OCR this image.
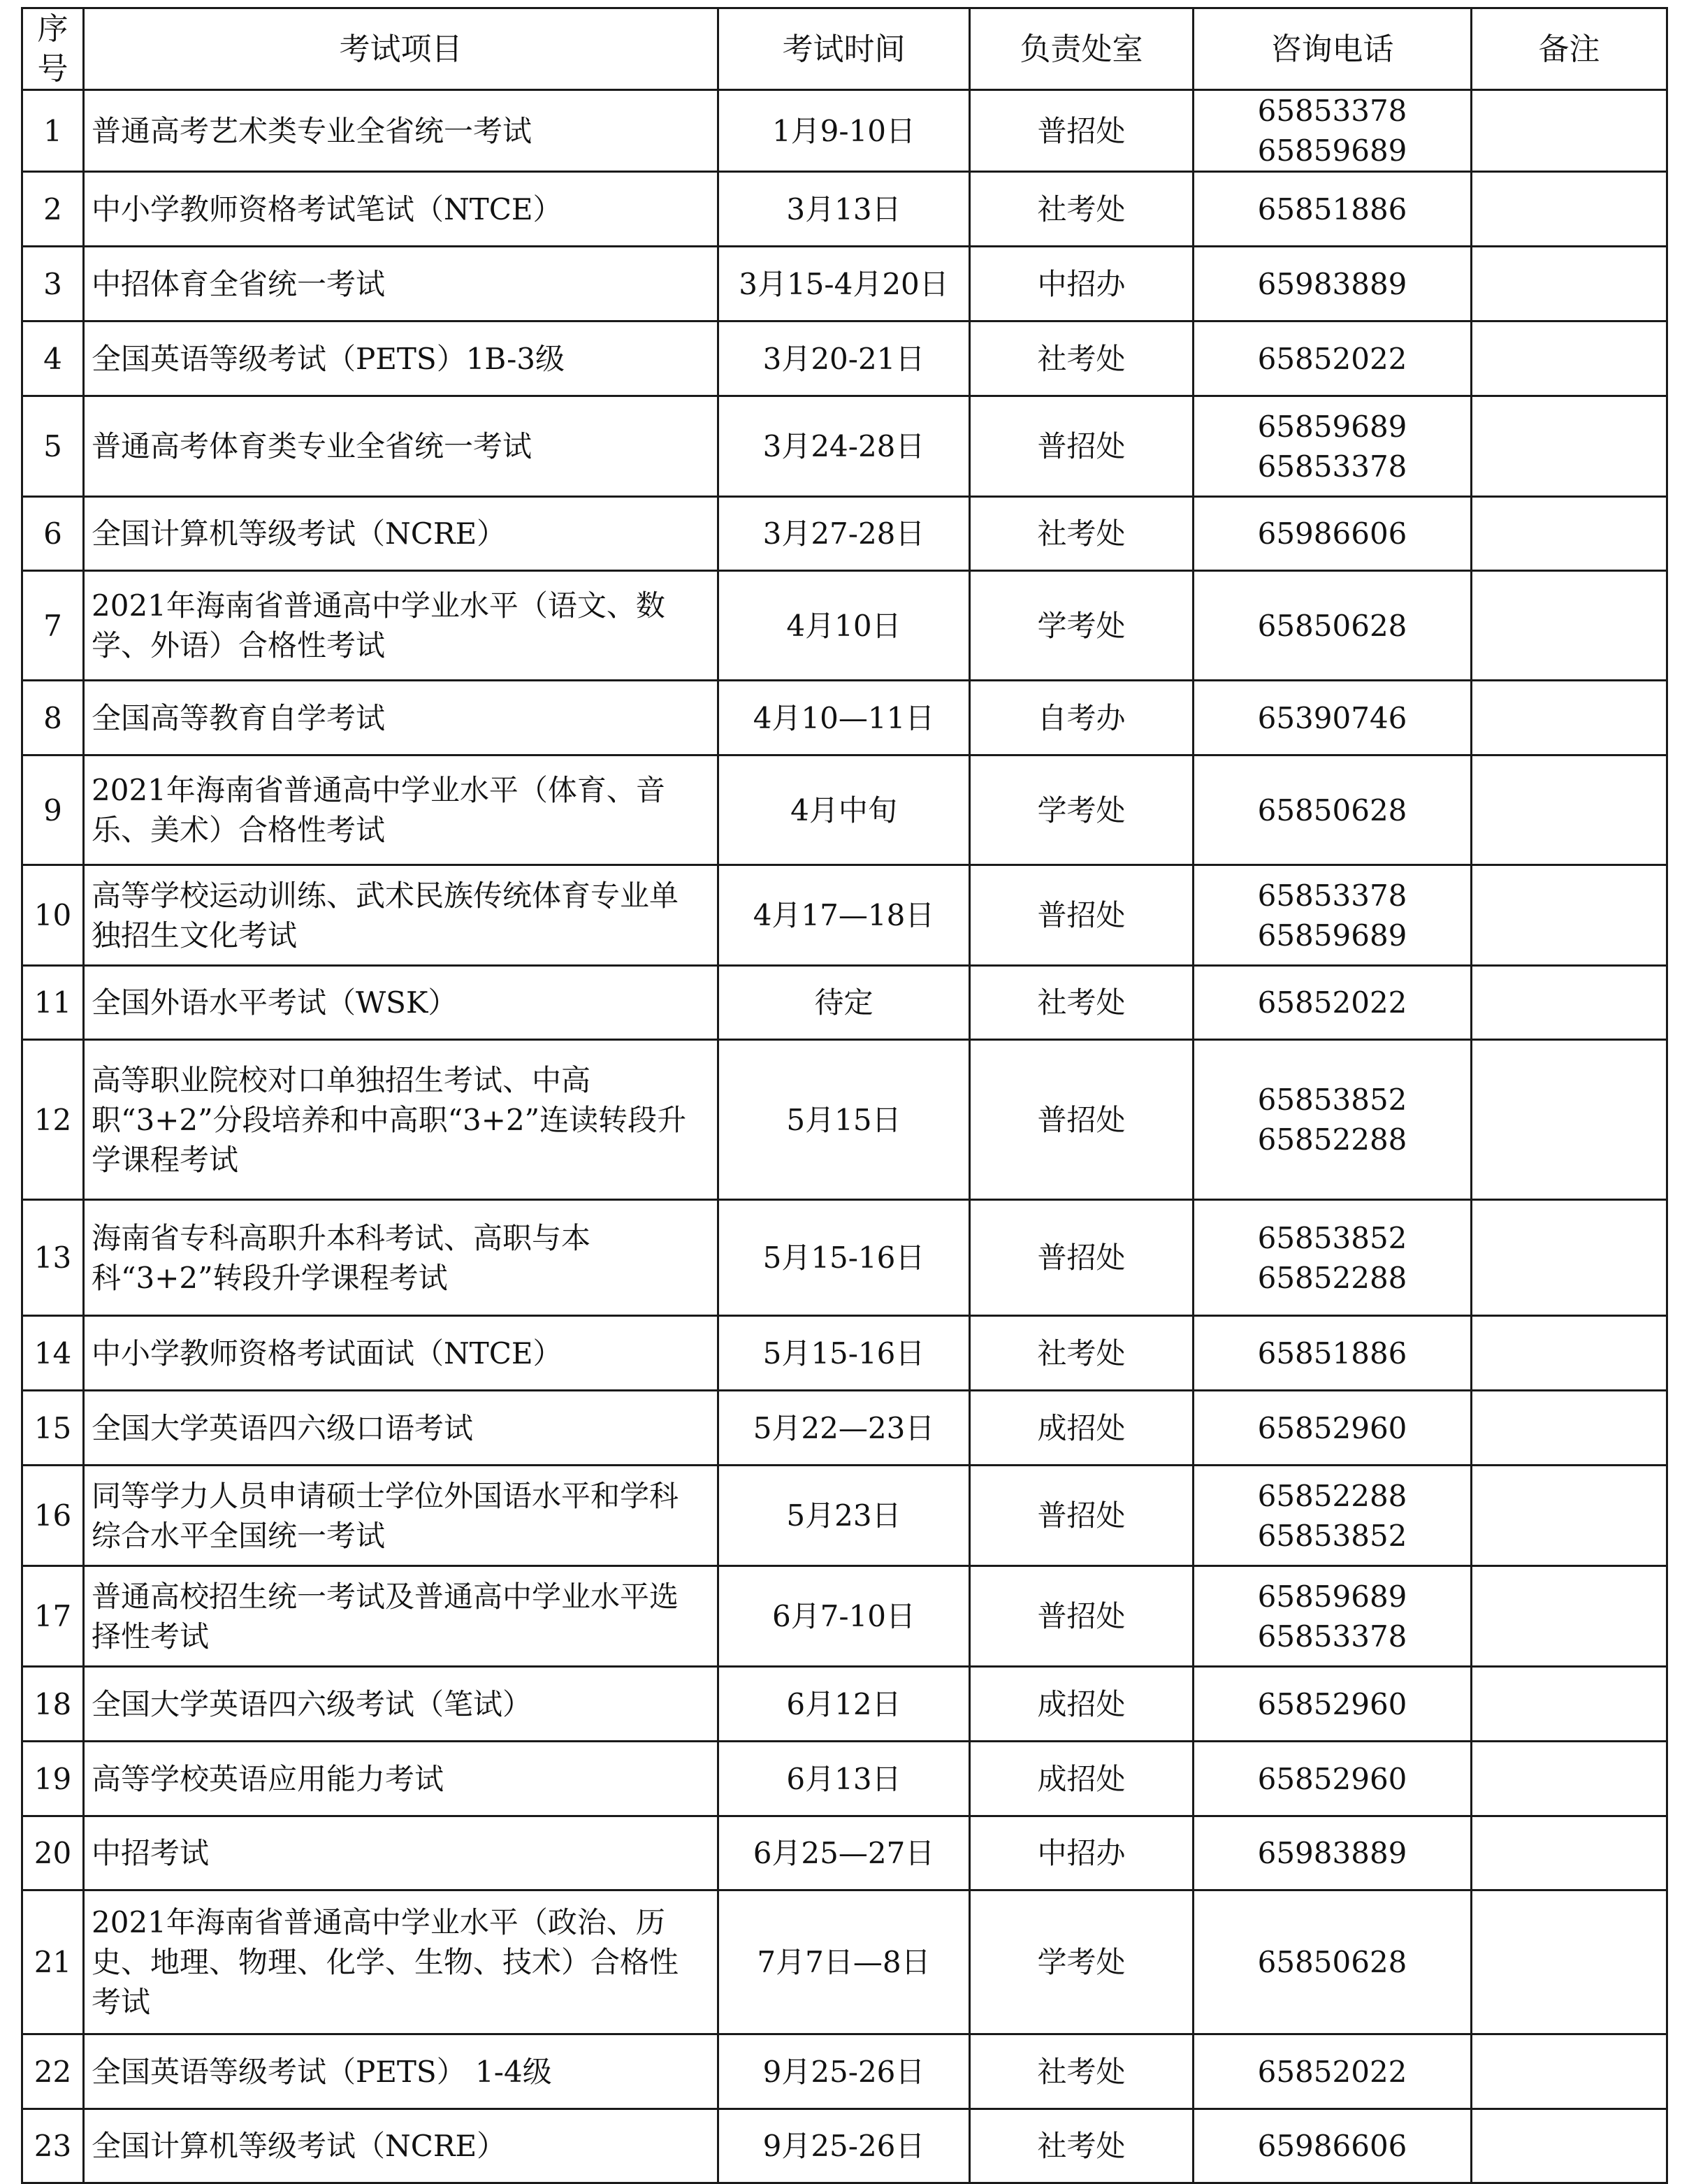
序号	考试项目	考试时间	负责处室	咨询电话	备注
1	普通高考艺术类专业全省统一考试	1月9-10日	普招处	65853378
65859689	

2	中小学教师资格考试笔试（NTCE）	3月13日	社考处	65851886	

3	中招体育全省统一考试	3月15-4月20日	中招办	65983889	

4	全国英语等级考试（PETS）1B-3级	3月20-21日	社考处	65852022	

5	普通高考体育类专业全省统一考试	3月24-28日	普招处	65859689
65853378	

6	全国计算机等级考试（NCRE）	3月27-28日	社考处	65986606	

7	2021年海南省普通高中学业水平（语文、数学、外语）合格性考试	4月10日	学考处	65850628	

8	全国高等教育自学考试	4月10—11日	自考办	65390746	

9	2021年海南省普通高中学业水平（体育、音乐、美术）合格性考试	4月中旬	学考处	65850628	

10	高等学校运动训练、武术民族传统体育专业单独招生文化考试	4月17—18日	普招处	65853378
65859689	

11	全国外语水平考试（WSK）	待定	社考处	65852022	

12	高等职业院校对口单独招生考试、中高职“3+2”分段培养和中高职“3+2”连读转段升学课程考试	5月15日	普招处	65853852
65852288	

13	海南省专科高职升本科考试、高职与本科“3+2”转段升学课程考试	5月15-16日	普招处	65853852
65852288	

14	中小学教师资格考试面试（NTCE）	5月15-16日	社考处	65851886	

15	全国大学英语四六级口语考试	5月22—23日	成招处	65852960	

16	同等学力人员申请硕士学位外国语水平和学科综合水平全国统一考试	5月23日	普招处	65852288
65853852	

17	普通高校招生统一考试及普通高中学业水平选择性考试	6月7-10日	普招处	65859689
65853378	

18	全国大学英语四六级考试（笔试）	6月12日	成招处	65852960	

19	高等学校英语应用能力考试	6月13日	成招处	65852960	

20	中招考试	6月25—27日	中招办	65983889	

21	2021年海南省普通高中学业水平（政治、历史、地理、物理、化学、生物、技术）合格性考试	7月7日—8日	学考处	65850628	

22	全国英语等级考试（PETS） 1-4级	9月25-26日	社考处	65852022	

23	全国计算机等级考试（NCRE）	9月25-26日	社考处	65986606	
